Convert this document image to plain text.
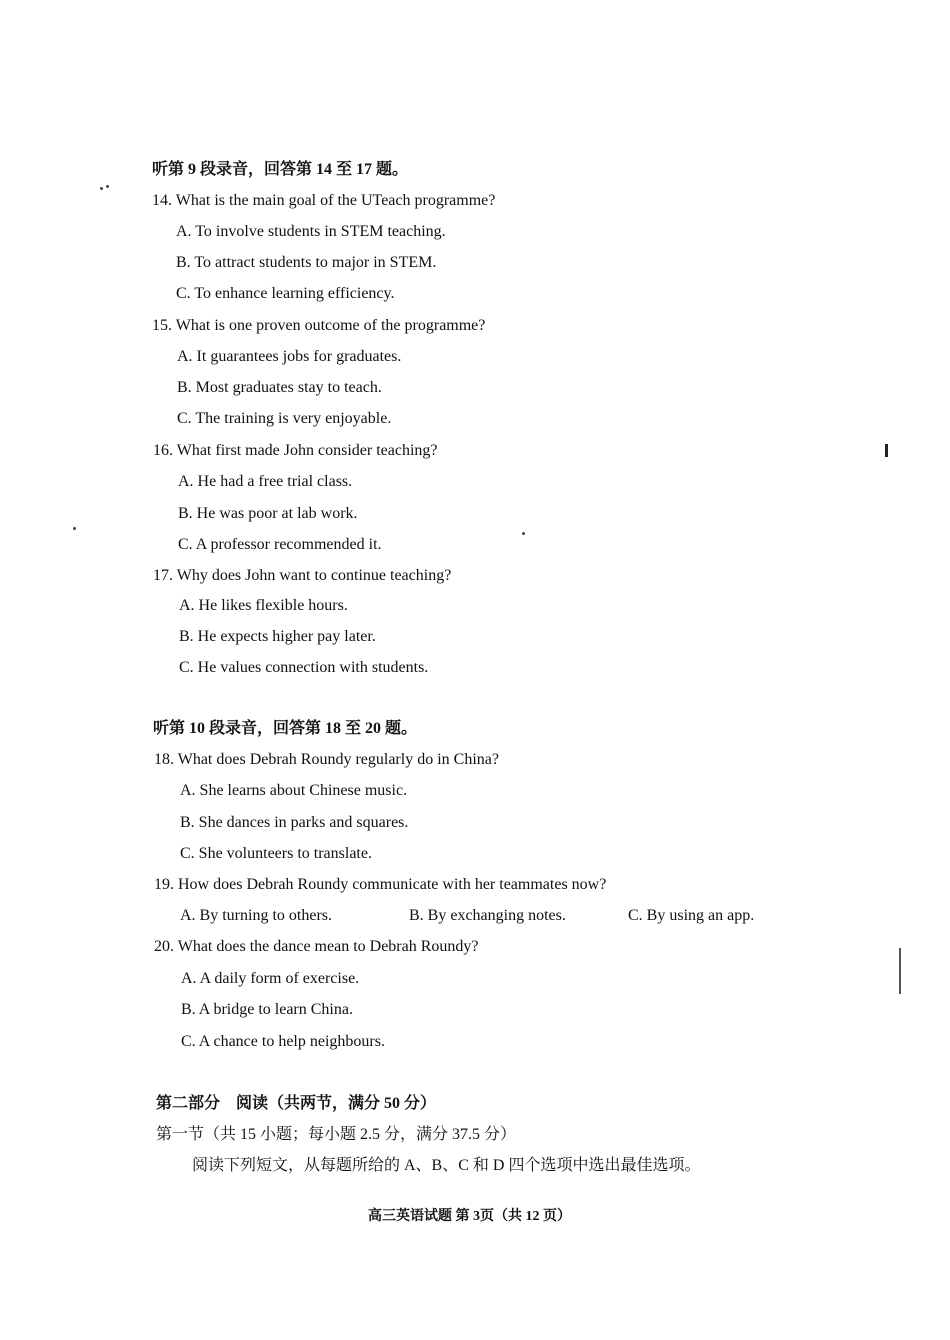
听第 9 段录音，回答第 14 至 17 题。
14. What is the main goal of the UTeach programme?
A. To involve students in STEM teaching.
B. To attract students to major in STEM.
C. To enhance learning efficiency.
15. What is one proven outcome of the programme?
A. It guarantees jobs for graduates.
B. Most graduates stay to teach.
C. The training is very enjoyable.
16. What first made John consider teaching?
A. He had a free trial class.
B. He was poor at lab work.
C. A professor recommended it.
17. Why does John want to continue teaching?
A. He likes flexible hours.
B. He expects higher pay later.
C. He values connection with students.
听第 10 段录音，回答第 18 至 20 题。
18. What does Debrah Roundy regularly do in China?
A. She learns about Chinese music.
B. She dances in parks and squares.
C. She volunteers to translate.
19. How does Debrah Roundy communicate with her teammates now?
A. By turning to others.	B. By exchanging notes.	C. By using an app.
20. What does the dance mean to Debrah Roundy?
A. A daily form of exercise.
B. A bridge to learn China.
C. A chance to help neighbours.
第二部分　阅读（共两节，满分 50 分）
第一节（共 15 小题；每小题 2.5 分，满分 37.5 分）
阅读下列短文，从每题所给的 A、B、C 和 D 四个选项中选出最佳选项。
高三英语试题 第 3页（共 12 页）
